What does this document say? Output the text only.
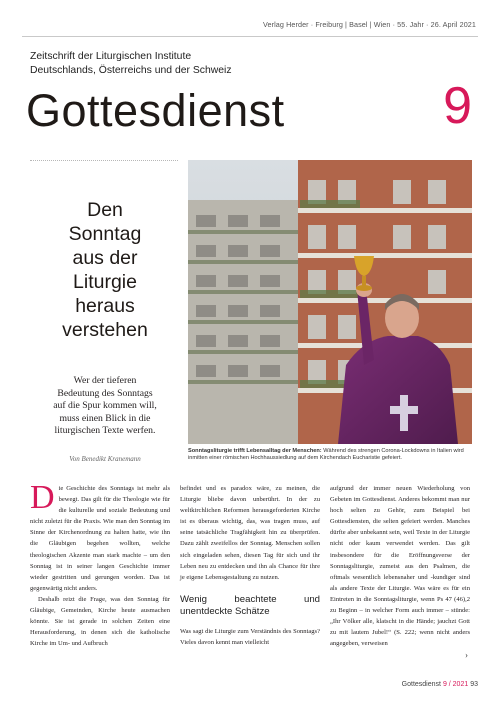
Verlag Herder · Freiburg | Basel | Wien · 55. Jahr · 26. April 2021
Zeitschrift der Liturgischen Institute
Deutschlands, Österreichs und der Schweiz
Gottesdienst	9
Den
Sonntag
aus der
Liturgie
heraus
verstehen
Wer der tieferen
Bedeutung des Sonntags
auf die Spur kommen will,
muss einen Blick in die
liturgischen Texte werfen.
Von Benedikt Kranemann
Sonntagsliturgie trifft Lebensalltag der Menschen: Während des strengen Corona-Lockdowns in Italien wird inmitten einer römischen Hochhaussiedlung auf dem Kirchendach Eucharistie gefeiert.
D ie Geschichte des Sonntags ist mehr als bewegt. Das gilt für die Theologie wie für die kulturelle und soziale Bedeutung und nicht zuletzt für die Praxis. Wie man den Sonntag im Sinne der Kirchenordnung zu halten hatte, wie ihn die Gläubigen begehen wollten, welche theologischen Akzente man stark machte – um den Sonntag ist in seiner langen Geschichte immer wieder gestritten und gerungen worden. Das ist gegenwärtig nicht anders.

Deshalb reizt die Frage, was den Sonntag für Gläubige, Gemeinden, Kirche heute ausmachen könnte. Sie ist gerade in solchen Zeiten eine Herausforderung, in denen sich die katholische Kirche im Um- und Aufbruch

befindet und es paradox wäre, zu meinen, die Liturgie bliebe davon unberührt. In der zu weltkirchlichen Reformen herausgeforderten Kirche ist es überaus wichtig, das, was tragen muss, auf seine tatsächliche Tragfähigkeit hin zu überprüfen. Dazu zählt zweifellos der Sonntag. Menschen sollen sich eingeladen sehen, diesen Tag für sich und ihr Leben neu zu entdecken und ihn als Chance für ihre je eigene Lebensgestaltung zu nutzen.

Wenig beachtete und unentdeckte Schätze

Was sagt die Liturgie zum Verständnis des Sonntags? Vieles davon kennt man vielleicht

aufgrund der immer neuen Wiederholung von Gebeten im Gottesdienst. Anderes bekommt man nur hoch selten zu Gehör, zum Beispiel bei Gottesdiensten, die selten gefeiert werden. Manches dürfte aber unbekannt sein, weil Texte in der Liturgie nicht oder kaum verwendet werden. Das gilt insbesondere für die Eröffnungsverse der Sonntagsliturgie, zumeist aus den Psalmen, die oftmals wesentlich lebensnaher und -kundiger sind als andere Texte der Liturgie. Was wäre es für ein Eintreten in die Sonntagsliturgie, wenn Ps 47 (46),2 zu Beginn – in welcher Form auch immer – stünde: „Ihr Völker alle, klatscht in die Hände; jauchzt Gott zu mit lautem Jubel!“ (S. 222; wenn nicht anders angegeben, verweisen

›
Gottesdienst 9 / 2021 93
